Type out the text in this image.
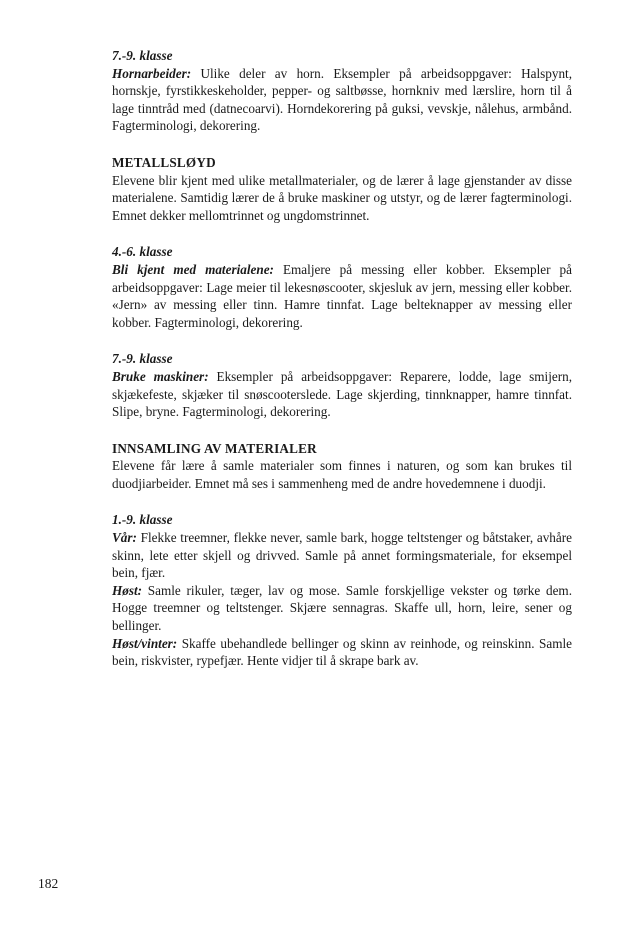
7.-9. klasse
Hornarbeider: Ulike deler av horn. Eksempler på arbeidsoppgaver: Halspynt, hornskje, fyrstikkeskeholder, pepper- og saltbøsse, hornkniv med lærslire, horn til å lage tinntråd med (datnecoarvi). Horndekorering på guksi, vevskje, nålehus, armbånd. Fagterminologi, dekorering.
METALLSLØYD
Elevene blir kjent med ulike metallmaterialer, og de lærer å lage gjenstander av disse materialene. Samtidig lærer de å bruke maskiner og utstyr, og de lærer fagterminologi. Emnet dekker mellomtrinnet og ungdomstrinnet.
4.-6. klasse
Bli kjent med materialene: Emaljere på messing eller kobber. Eksempler på arbeidsoppgaver: Lage meier til lekesnøscooter, skjesluk av jern, messing eller kobber. «Jern» av messing eller tinn. Hamre tinnfat. Lage belteknapper av messing eller kobber. Fagterminologi, dekorering.
7.-9. klasse
Bruke maskiner: Eksempler på arbeidsoppgaver: Reparere, lodde, lage smijern, skjækefeste, skjæker til snøscooterslede. Lage skjerding, tinnknapper, hamre tinnfat. Slipe, bryne. Fagterminologi, dekorering.
INNSAMLING AV MATERIALER
Elevene får lære å samle materialer som finnes i naturen, og som kan brukes til duodjiarbeider. Emnet må ses i sammenheng med de andre hovedemnene i duodji.
1.-9. klasse
Vår: Flekke treemner, flekke never, samle bark, hogge teltstenger og båtstaker, avhåre skinn, lete etter skjell og drivved. Samle på annet formingsmateriale, for eksempel bein, fjær.
Høst: Samle rikuler, tæger, lav og mose. Samle forskjellige vekster og tørke dem. Hogge treemner og teltstenger. Skjære sennagras. Skaffe ull, horn, leire, sener og bellinger.
Høst/vinter: Skaffe ubehandlede bellinger og skinn av reinhode, og reinskinn. Samle bein, riskvister, rypefjær. Hente vidjer til å skrape bark av.
182
